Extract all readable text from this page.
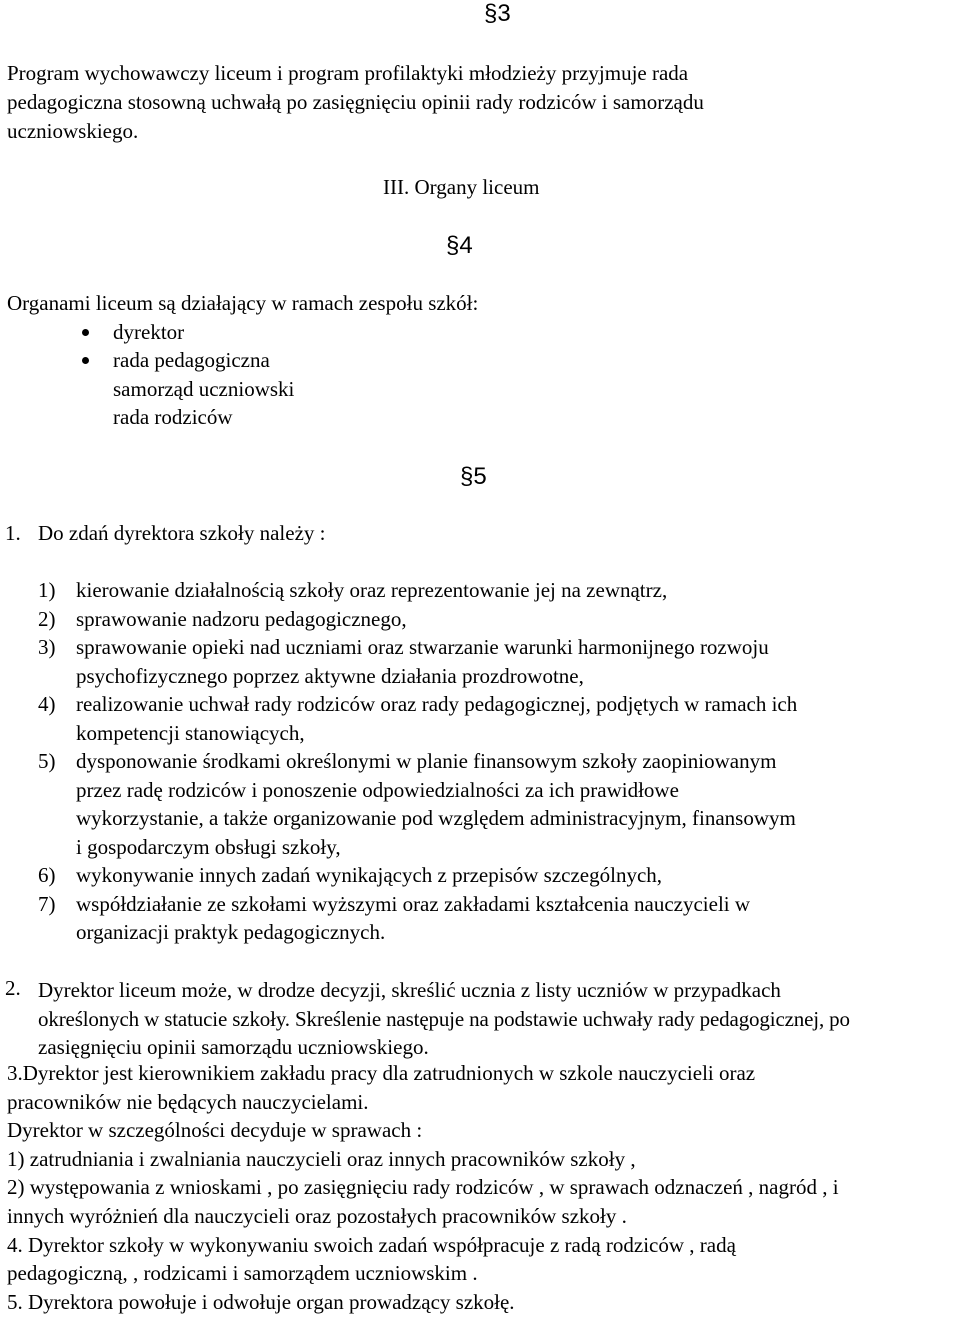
§3
Program wychowawczy liceum i program profilaktyki młodzieży przyjmuje rada
pedagogiczna stosowną uchwałą po zasięgnięciu opinii rady rodziców i samorządu
uczniowskiego.
III. Organy liceum
§4
Organami liceum są działający w ramach zespołu szkół:
dyrektor
rada pedagogiczna
samorząd uczniowski
rada rodziców
§5
1. Do zdań dyrektora szkoły należy :
1) kierowanie działalnością szkoły oraz reprezentowanie jej na zewnątrz,
2) sprawowanie nadzoru pedagogicznego,
3) sprawowanie opieki nad uczniami oraz stwarzanie warunki harmonijnego rozwoju
psychofizycznego poprzez aktywne działania prozdrowotne,
4) realizowanie uchwał rady rodziców oraz rady pedagogicznej, podjętych w ramach ich
kompetencji stanowiących,
5) dysponowanie środkami określonymi w planie finansowym szkoły zaopiniowanym
przez radę rodziców i ponoszenie odpowiedzialności za ich prawidłowe
wykorzystanie, a także organizowanie pod względem administracyjnym, finansowym
i gospodarczym obsługi szkoły,
6) wykonywanie innych zadań wynikających z przepisów szczególnych,
7) współdziałanie ze szkołami wyższymi oraz zakładami kształcenia nauczycieli w
organizacji praktyk pedagogicznych.
2. Dyrektor liceum może, w drodze decyzji, skreślić ucznia z listy uczniów w przypadkach
określonych w statucie szkoły. Skreślenie następuje na podstawie uchwały rady pedagogicznej, po
zasięgnięciu opinii samorządu uczniowskiego.
3.Dyrektor jest kierownikiem zakładu pracy dla zatrudnionych w szkole nauczycieli oraz
pracowników nie będących nauczycielami.
Dyrektor w szczególności decyduje w sprawach :
1) zatrudniania i zwalniania nauczycieli oraz innych pracowników szkoły ,
2) występowania z wnioskami , po zasięgnięciu rady rodziców , w sprawach odznaczeń , nagród , i
innych wyróżnień dla nauczycieli oraz pozostałych pracowników szkoły .
4. Dyrektor szkoły w wykonywaniu swoich zadań współpracuje z radą rodziców , radą
pedagogiczną, , rodzicami i samorządem uczniowskim .
5. Dyrektora powołuje i odwołuje organ prowadzący szkołę.
